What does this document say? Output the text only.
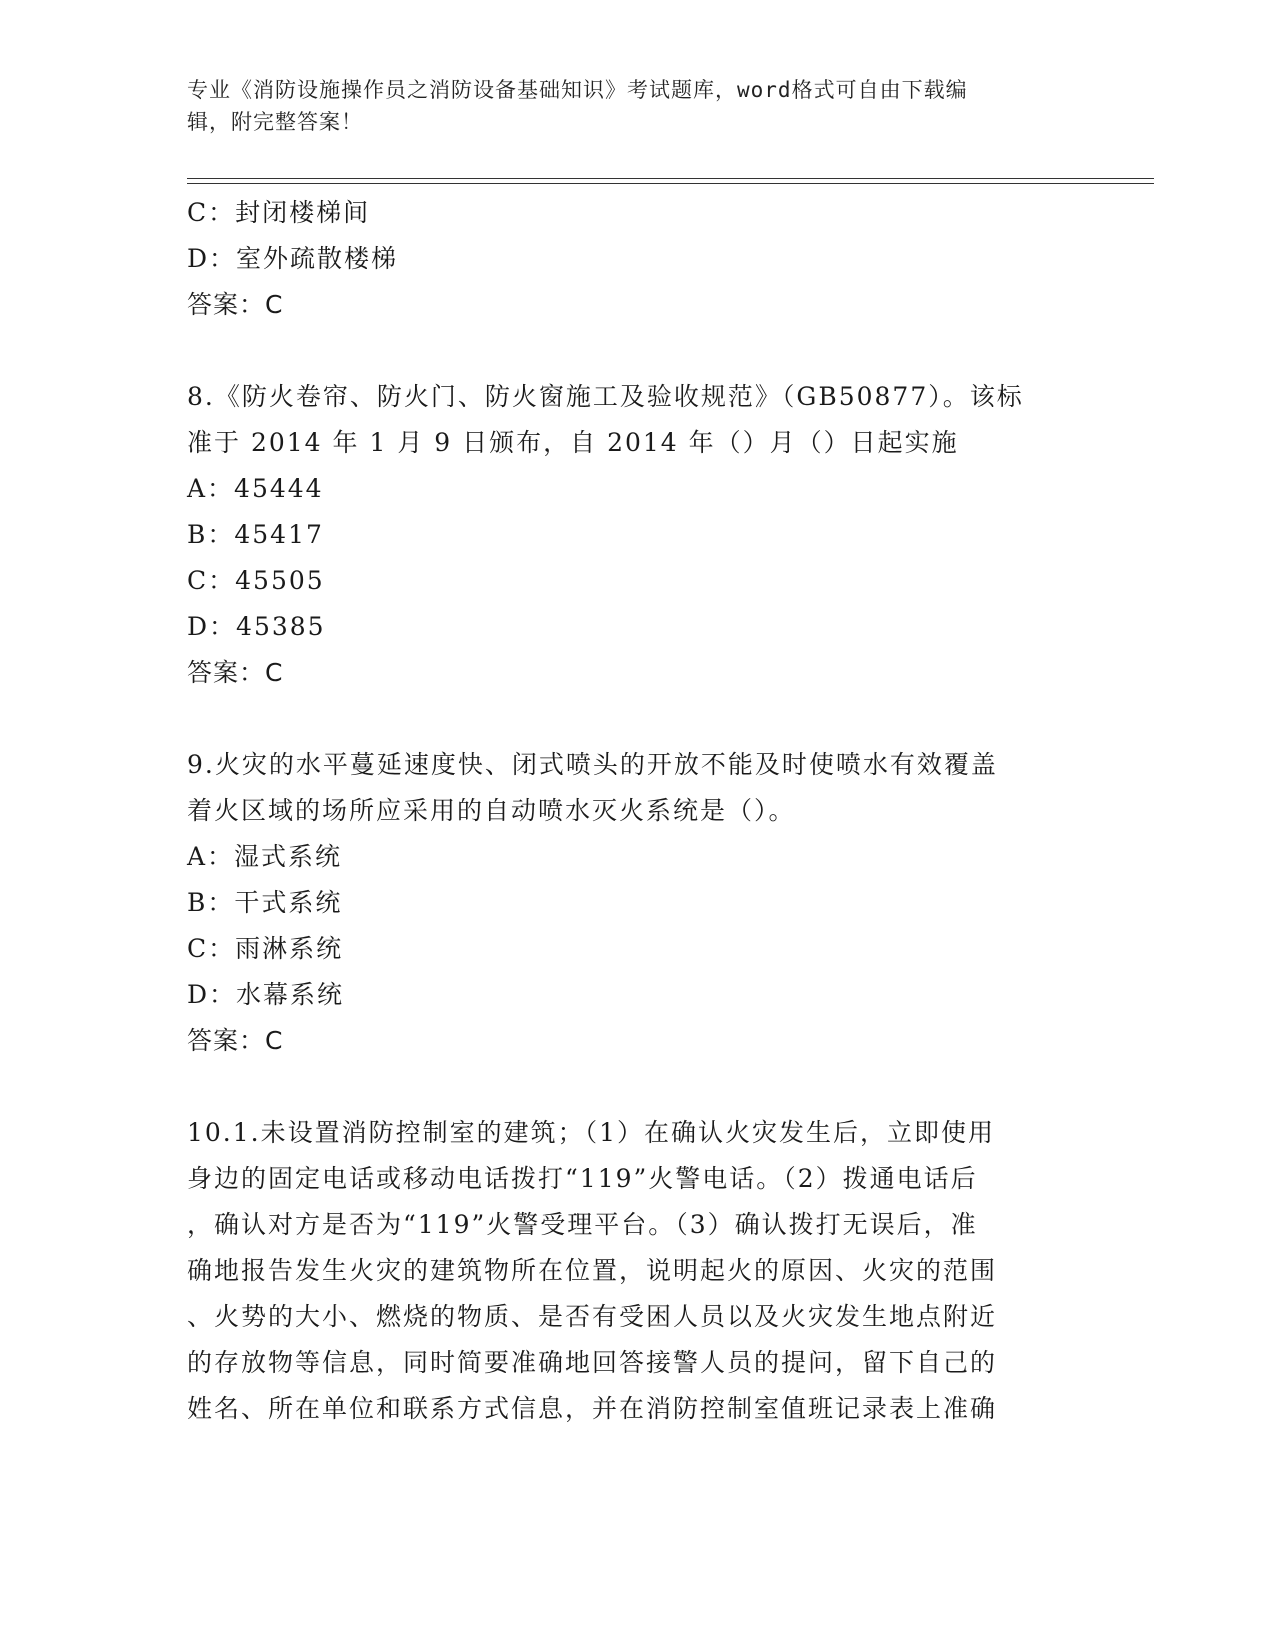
专业《消防设施操作员之消防设备基础知识》考试题库，word格式可自由下载编
辑，附完整答案！
C：封闭楼梯间
D：室外疏散楼梯
答案：C
8.《防火卷帘、防火门、防火窗施工及验收规范》（GB50877）。该标
准于 2014 年 1 月 9 日颁布，自 2014 年（）月（）日起实施
A：45444
B：45417
C：45505
D：45385
答案：C
9.火灾的水平蔓延速度快、闭式喷头的开放不能及时使喷水有效覆盖
着火区域的场所应采用的自动喷水灭火系统是（）。
A：湿式系统
B：干式系统
C：雨淋系统
D：水幕系统
答案：C
10.1.未设置消防控制室的建筑；（1）在确认火灾发生后，立即使用
身边的固定电话或移动电话拨打“119”火警电话。（2）拨通电话后
，确认对方是否为“119”火警受理平台。（3）确认拨打无误后，准
确地报告发生火灾的建筑物所在位置，说明起火的原因、火灾的范围
、火势的大小、燃烧的物质、是否有受困人员以及火灾发生地点附近
的存放物等信息，同时简要准确地回答接警人员的提问，留下自己的
姓名、所在单位和联系方式信息，并在消防控制室值班记录表上准确
